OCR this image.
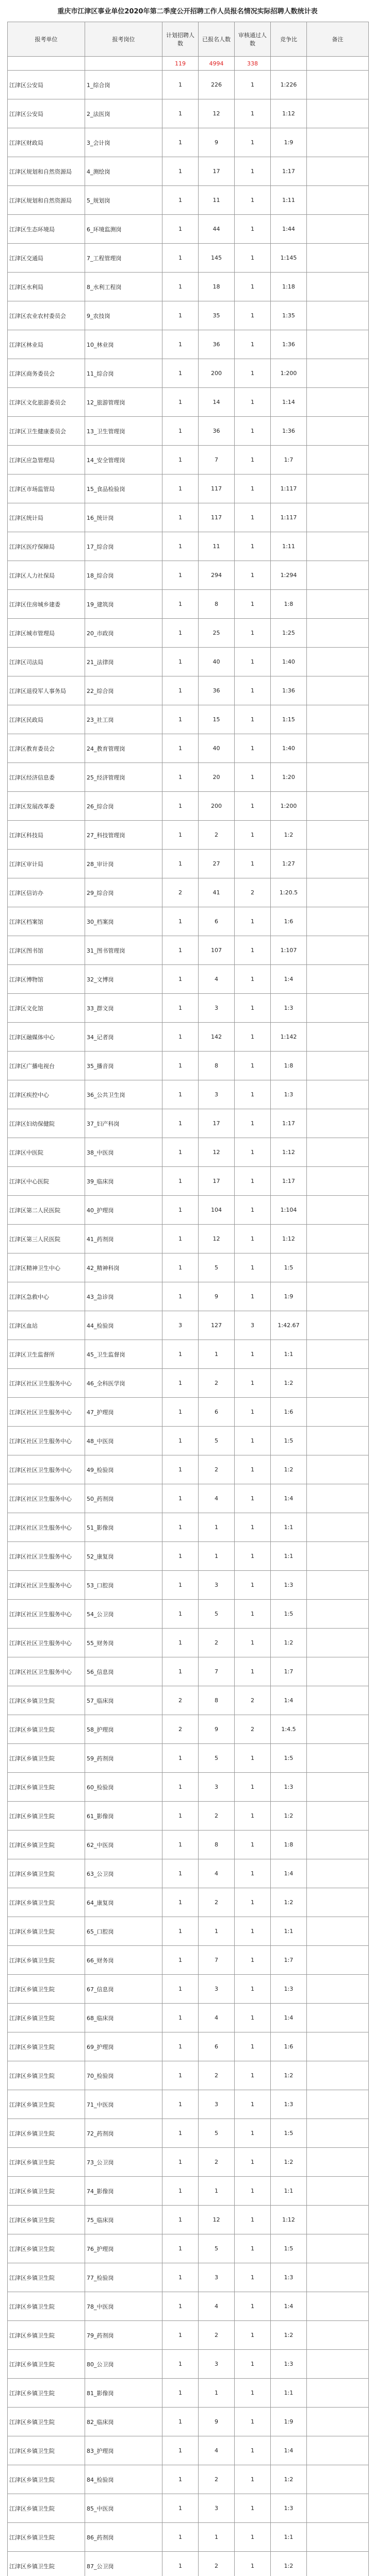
重庆市江津区事业单位2020年第二季度公开招聘工作人员报名情况实际招聘人数统计表
报考单位	报考岗位	计划招聘人数	已报名人数	审核通过人数	竞争比	备注
		119	4994	338		
江津区公安局	1_综合岗	1	226	1	1:226	
江津区公安局	2_法医岗	1	12	1	1:12	
江津区财政局	3_会计岗	1	9	1	1:9	
江津区规划和自然资源局	4_测绘岗	1	17	1	1:17	
江津区规划和自然资源局	5_规划岗	1	11	1	1:11	
江津区生态环境局	6_环境监测岗	1	44	1	1:44	
江津区交通局	7_工程管理岗	1	145	1	1:145	
江津区水利局	8_水利工程岗	1	18	1	1:18	
江津区农业农村委员会	9_农技岗	1	35	1	1:35	
江津区林业局	10_林业岗	1	36	1	1:36	
江津区商务委员会	11_综合岗	1	200	1	1:200	
江津区文化旅游委员会	12_旅游管理岗	1	14	1	1:14	
江津区卫生健康委员会	13_卫生管理岗	1	36	1	1:36	
江津区应急管理局	14_安全管理岗	1	7	1	1:7	
江津区市场监管局	15_食品检验岗	1	117	1	1:117	
江津区统计局	16_统计岗	1	117	1	1:117	
江津区医疗保障局	17_综合岗	1	11	1	1:11	
江津区人力社保局	18_综合岗	1	294	1	1:294	
江津区住房城乡建委	19_建筑岗	1	8	1	1:8	
江津区城市管理局	20_市政岗	1	25	1	1:25	
江津区司法局	21_法律岗	1	40	1	1:40	
江津区退役军人事务局	22_综合岗	1	36	1	1:36	
江津区民政局	23_社工岗	1	15	1	1:15	
江津区教育委员会	24_教育管理岗	1	40	1	1:40	
江津区经济信息委	25_经济管理岗	1	20	1	1:20	
江津区发展改革委	26_综合岗	1	200	1	1:200	
江津区科技局	27_科技管理岗	1	2	1	1:2	
江津区审计局	28_审计岗	1	27	1	1:27	
江津区信访办	29_综合岗	2	41	2	1:20.5	
江津区档案馆	30_档案岗	1	6	1	1:6	
江津区图书馆	31_图书管理岗	1	107	1	1:107	
江津区博物馆	32_文博岗	1	4	1	1:4	
江津区文化馆	33_群文岗	1	3	1	1:3	
江津区融媒体中心	34_记者岗	1	142	1	1:142	
江津区广播电视台	35_播音岗	1	8	1	1:8	
江津区疾控中心	36_公共卫生岗	1	3	1	1:3	
江津区妇幼保健院	37_妇产科岗	1	17	1	1:17	
江津区中医院	38_中医岗	1	12	1	1:12	
江津区中心医院	39_临床岗	1	17	1	1:17	
江津区第二人民医院	40_护理岗	1	104	1	1:104	
江津区第三人民医院	41_药剂岗	1	12	1	1:12	
江津区精神卫生中心	42_精神科岗	1	5	1	1:5	
江津区急救中心	43_急诊岗	1	9	1	1:9	
江津区血站	44_检验岗	3	127	3	1:42.67	
江津区卫生监督所	45_卫生监督岗	1	1	1	1:1	
江津区社区卫生服务中心	46_全科医学岗	1	2	1	1:2	
江津区社区卫生服务中心	47_护理岗	1	6	1	1:6	
江津区社区卫生服务中心	48_中医岗	1	5	1	1:5	
江津区社区卫生服务中心	49_检验岗	1	2	1	1:2	
江津区社区卫生服务中心	50_药剂岗	1	4	1	1:4	
江津区社区卫生服务中心	51_影像岗	1	1	1	1:1	
江津区社区卫生服务中心	52_康复岗	1	1	1	1:1	
江津区社区卫生服务中心	53_口腔岗	1	3	1	1:3	
江津区社区卫生服务中心	54_公卫岗	1	5	1	1:5	
江津区社区卫生服务中心	55_财务岗	1	2	1	1:2	
江津区社区卫生服务中心	56_信息岗	1	7	1	1:7	
江津区乡镇卫生院	57_临床岗	2	8	2	1:4	
江津区乡镇卫生院	58_护理岗	2	9	2	1:4.5	
江津区乡镇卫生院	59_药剂岗	1	5	1	1:5	
江津区乡镇卫生院	60_检验岗	1	3	1	1:3	
江津区乡镇卫生院	61_影像岗	1	2	1	1:2	
江津区乡镇卫生院	62_中医岗	1	8	1	1:8	
江津区乡镇卫生院	63_公卫岗	1	4	1	1:4	
江津区乡镇卫生院	64_康复岗	1	2	1	1:2	
江津区乡镇卫生院	65_口腔岗	1	1	1	1:1	
江津区乡镇卫生院	66_财务岗	1	7	1	1:7	
江津区乡镇卫生院	67_信息岗	1	3	1	1:3	
江津区乡镇卫生院	68_临床岗	1	4	1	1:4	
江津区乡镇卫生院	69_护理岗	1	6	1	1:6	
江津区乡镇卫生院	70_检验岗	1	2	1	1:2	
江津区乡镇卫生院	71_中医岗	1	3	1	1:3	
江津区乡镇卫生院	72_药剂岗	1	5	1	1:5	
江津区乡镇卫生院	73_公卫岗	1	2	1	1:2	
江津区乡镇卫生院	74_影像岗	1	1	1	1:1	
江津区乡镇卫生院	75_临床岗	1	12	1	1:12	
江津区乡镇卫生院	76_护理岗	1	5	1	1:5	
江津区乡镇卫生院	77_检验岗	1	3	1	1:3	
江津区乡镇卫生院	78_中医岗	1	4	1	1:4	
江津区乡镇卫生院	79_药剂岗	1	2	1	1:2	
江津区乡镇卫生院	80_公卫岗	1	3	1	1:3	
江津区乡镇卫生院	81_影像岗	1	1	1	1:1	
江津区乡镇卫生院	82_临床岗	1	9	1	1:9	
江津区乡镇卫生院	83_护理岗	1	4	1	1:4	
江津区乡镇卫生院	84_检验岗	1	2	1	1:2	
江津区乡镇卫生院	85_中医岗	1	3	1	1:3	
江津区乡镇卫生院	86_药剂岗	1	1	1	1:1	
江津区乡镇卫生院	87_公卫岗	1	2	1	1:2	
